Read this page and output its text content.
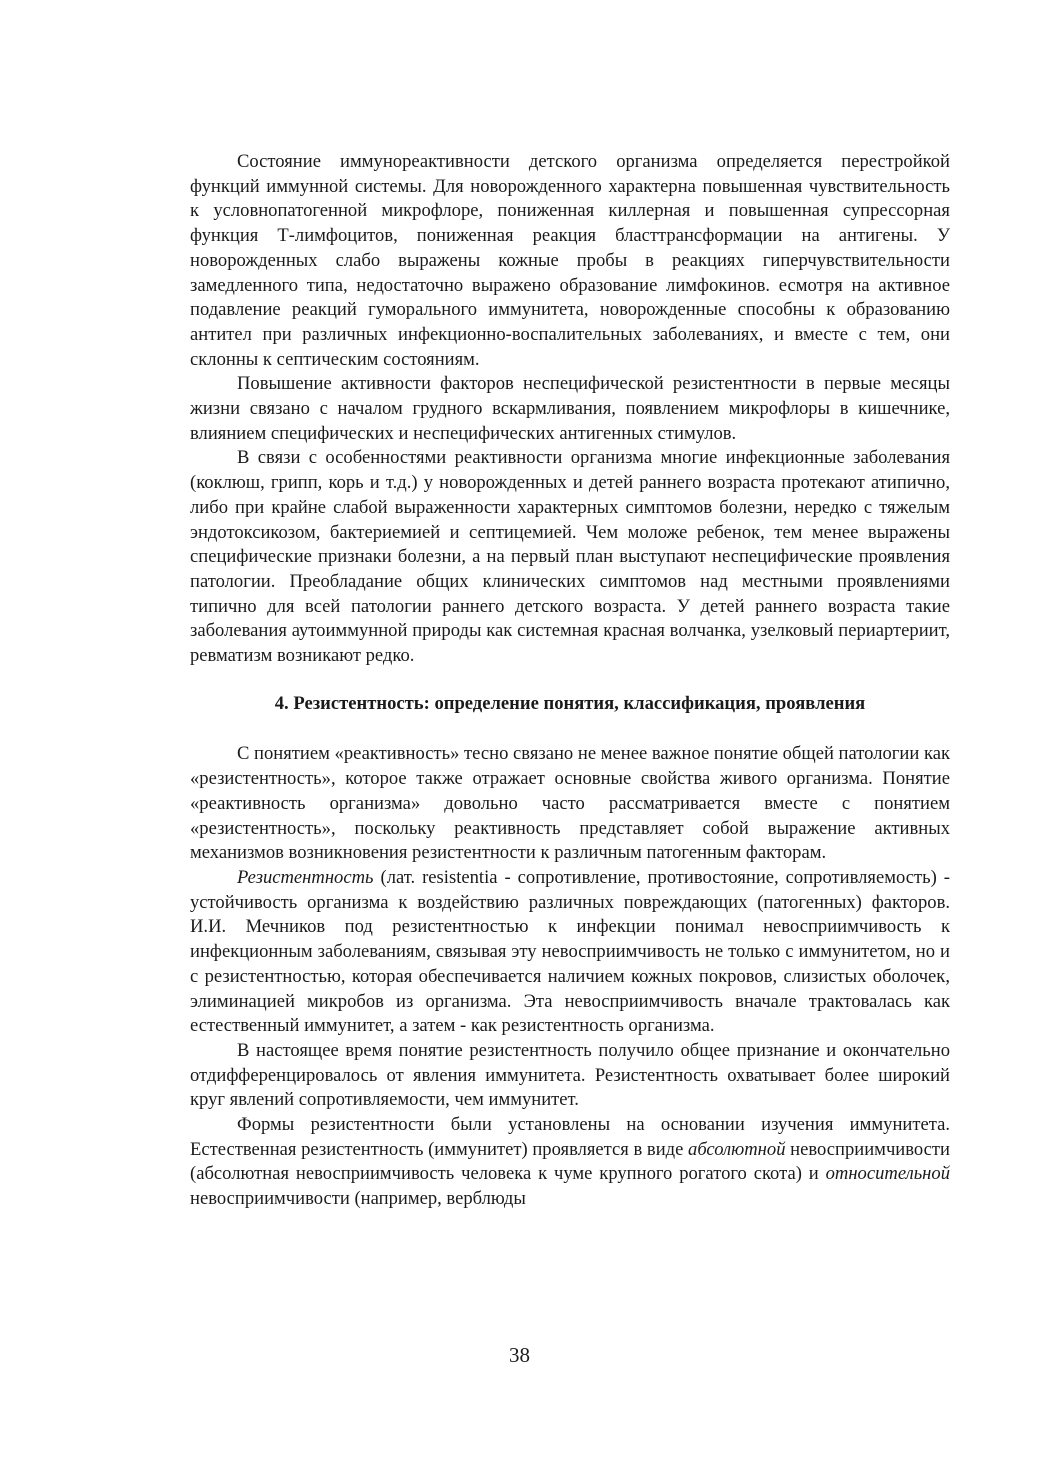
Состояние иммунореактивности детского организма определяется перестройкой функций иммунной системы. Для новорожденного характерна повышенная чувствительность к условнопатогенной микрофлоре, пониженная киллерная и повышенная супрессорная функция Т-лимфоцитов, пониженная реакция бласттрансформации на антигены. У новорожденных слабо выражены кожные пробы в реакциях гиперчувствительности замедленного типа, недостаточно выражено образование лимфокинов. есмотря на активное подавление реакций гуморального иммунитета, новорожденные способны к образованию антител при различных инфекционно-воспалительных заболеваниях, и вместе с тем, они склонны к септическим состояниям.

Повышение активности факторов неспецифической резистентности в первые месяцы жизни связано с началом грудного вскармливания, появлением микрофлоры в кишечнике, влиянием специфических и неспецифических антигенных стимулов.

В связи с особенностями реактивности организма многие инфекционные заболевания (коклюш, грипп, корь и т.д.) у новорожденных и детей раннего возраста протекают атипично, либо при крайне слабой выраженности характерных симптомов болезни, нередко с тяжелым эндотоксикозом, бактериемией и септицемией. Чем моложе ребенок, тем менее выражены специфические признаки болезни, а на первый план выступают неспецифические проявления патологии. Преобладание общих клинических симптомов над местными проявлениями типично для всей патологии раннего детского возраста. У детей раннего возраста такие заболевания аутоиммунной природы как системная красная волчанка, узелковый периартериит, ревматизм возникают редко.

4. Резистентность: определение понятия, классификация, проявления

С понятием «реактивность» тесно связано не менее важное понятие общей патологии как «резистентность», которое также отражает основные свойства живого организма. Понятие «реактивность организма» довольно часто рассматривается вместе с понятием «резистентность», поскольку реактивность представляет собой выражение активных механизмов возникновения резистентности к различным патогенным факторам.

Резистентность (лат. resistentia - сопротивление, противостояние, сопротивляемость) - устойчивость организма к воздействию различных повреждающих (патогенных) факторов. И.И. Мечников под резистентностью к инфекции понимал невосприимчивость к инфекционным заболеваниям, связывая эту невосприимчивость не только с иммунитетом, но и с резистентностью, которая обеспечивается наличием кожных покровов, слизистых оболочек, элиминацией микробов из организма. Эта невосприимчивость вначале трактовалась как естественный иммунитет, а затем - как резистентность организма.

В настоящее время понятие резистентность получило общее признание и окончательно отдифференцировалось от явления иммунитета. Резистентность охватывает более широкий круг явлений сопротивляемости, чем иммунитет.

Формы резистентности были установлены на основании изучения иммунитета. Естественная резистентность (иммунитет) проявляется в виде абсолютной невосприимчивости (абсолютная невосприимчивость человека к чуме крупного рогатого скота) и относительной невосприимчивости (например, верблюды

38
